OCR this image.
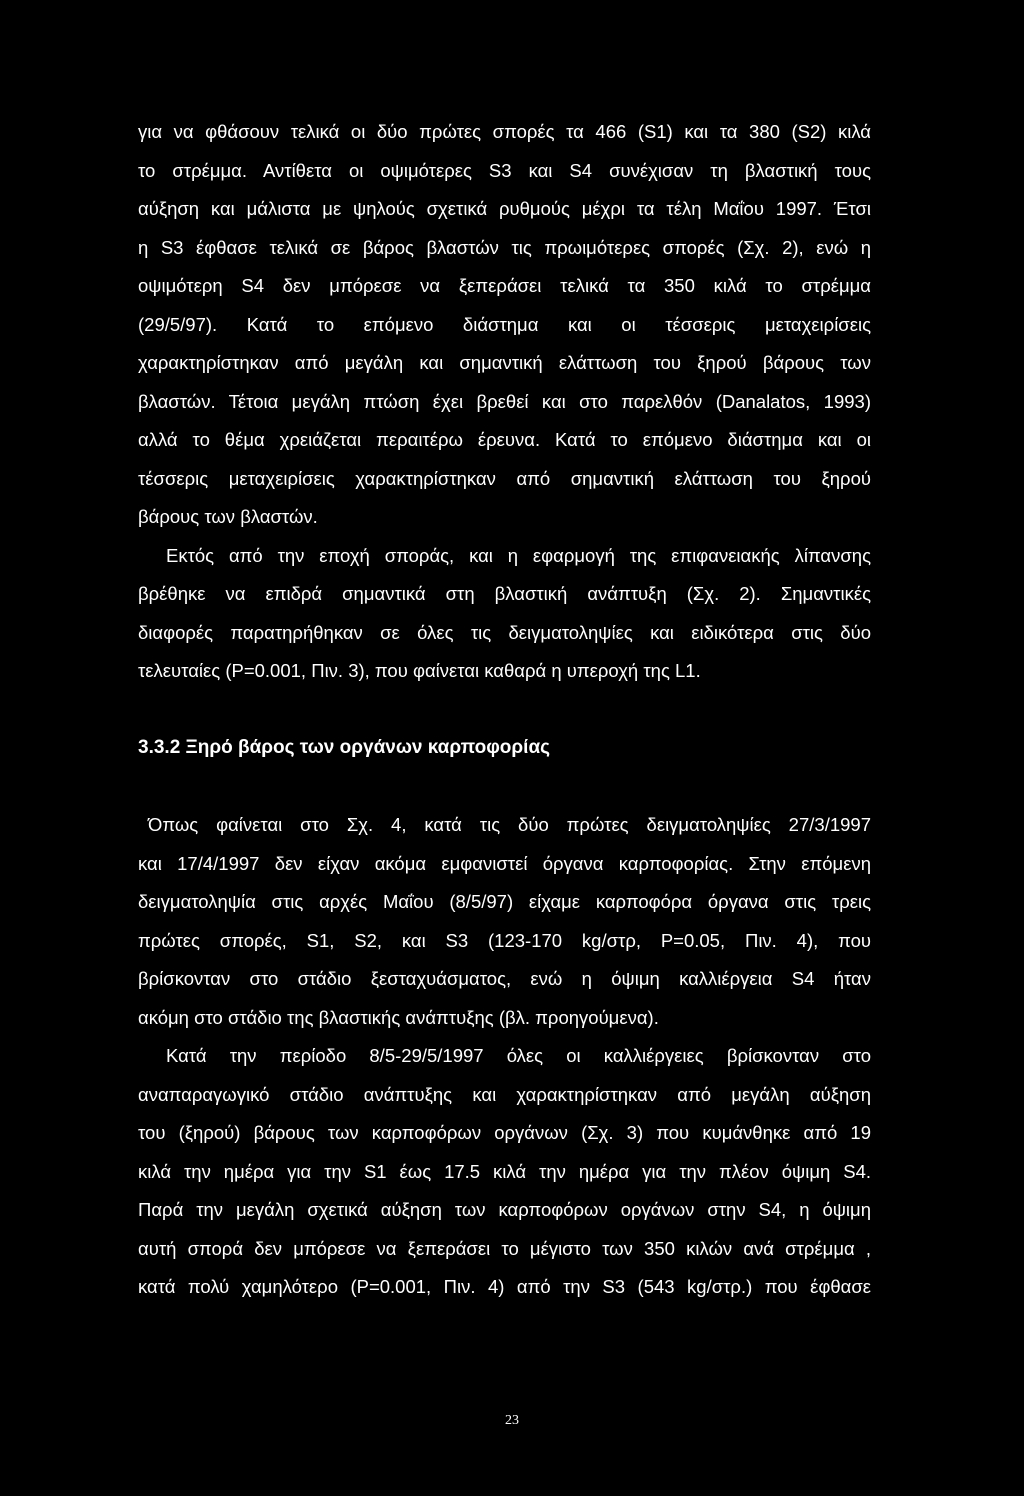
για να φθάσουν τελικά οι δύο πρώτες σπορές τα 466 (S1) και τα 380 (S2) κιλά
το στρέμμα. Αντίθετα οι οψιμότερες S3 και S4 συνέχισαν τη βλαστική τους
αύξηση και μάλιστα με ψηλούς σχετικά ρυθμούς μέχρι τα τέλη Μαΐου 1997. Έτσι
η S3 έφθασε τελικά σε βάρος βλαστών τις πρωιμότερες σπορές (Σχ. 2), ενώ η
οψιμότερη S4 δεν μπόρεσε να ξεπεράσει τελικά τα 350 κιλά το στρέμμα
(29/5/97). Κατά το επόμενο διάστημα και οι τέσσερις μεταχειρίσεις
χαρακτηρίστηκαν από μεγάλη και σημαντική ελάττωση του ξηρού βάρους των
βλαστών. Τέτοια μεγάλη πτώση έχει βρεθεί και στο παρελθόν (Danalatos, 1993)
αλλά το θέμα χρειάζεται περαιτέρω έρευνα. Κατά το επόμενο διάστημα και οι
τέσσερις μεταχειρίσεις χαρακτηρίστηκαν από σημαντική ελάττωση του ξηρού
βάρους των βλαστών.
Εκτός από την εποχή σποράς, και η εφαρμογή της επιφανειακής λίπανσης
βρέθηκε να επιδρά σημαντικά στη βλαστική ανάπτυξη (Σχ. 2). Σημαντικές
διαφορές παρατηρήθηκαν σε όλες τις δειγματοληψίες και ειδικότερα στις δύο
τελευταίες (P=0.001, Πιν. 3), που φαίνεται καθαρά η υπεροχή της L1.
3.3.2 Ξηρό βάρος των οργάνων καρποφορίας
Όπως φαίνεται στο Σχ. 4, κατά τις δύο πρώτες δειγματοληψίες 27/3/1997
και 17/4/1997 δεν είχαν ακόμα εμφανιστεί όργανα καρποφορίας. Στην επόμενη
δειγματοληψία στις αρχές Μαΐου (8/5/97) είχαμε καρποφόρα όργανα στις τρεις
πρώτες σπορές, S1, S2, και S3 (123-170 kg/στρ, P=0.05, Πιν. 4), που
βρίσκονταν στο στάδιο ξεσταχυάσματος, ενώ η όψιμη καλλιέργεια S4 ήταν
ακόμη στο στάδιο της βλαστικής ανάπτυξης (βλ. προηγούμενα).
Κατά την περίοδο 8/5-29/5/1997 όλες οι καλλιέργειες βρίσκονταν στο
αναπαραγωγικό στάδιο ανάπτυξης και χαρακτηρίστηκαν από μεγάλη αύξηση
του (ξηρού) βάρους των καρποφόρων οργάνων (Σχ. 3) που κυμάνθηκε από 19
κιλά την ημέρα για την S1 έως 17.5 κιλά την ημέρα για την πλέον όψιμη S4.
Παρά την μεγάλη σχετικά αύξηση των καρποφόρων οργάνων στην S4, η όψιμη
αυτή σπορά δεν μπόρεσε να ξεπεράσει το μέγιστο των 350 κιλών ανά στρέμμα ,
κατά πολύ χαμηλότερο (P=0.001, Πιν. 4) από την S3 (543 kg/στρ.) που έφθασε
23
